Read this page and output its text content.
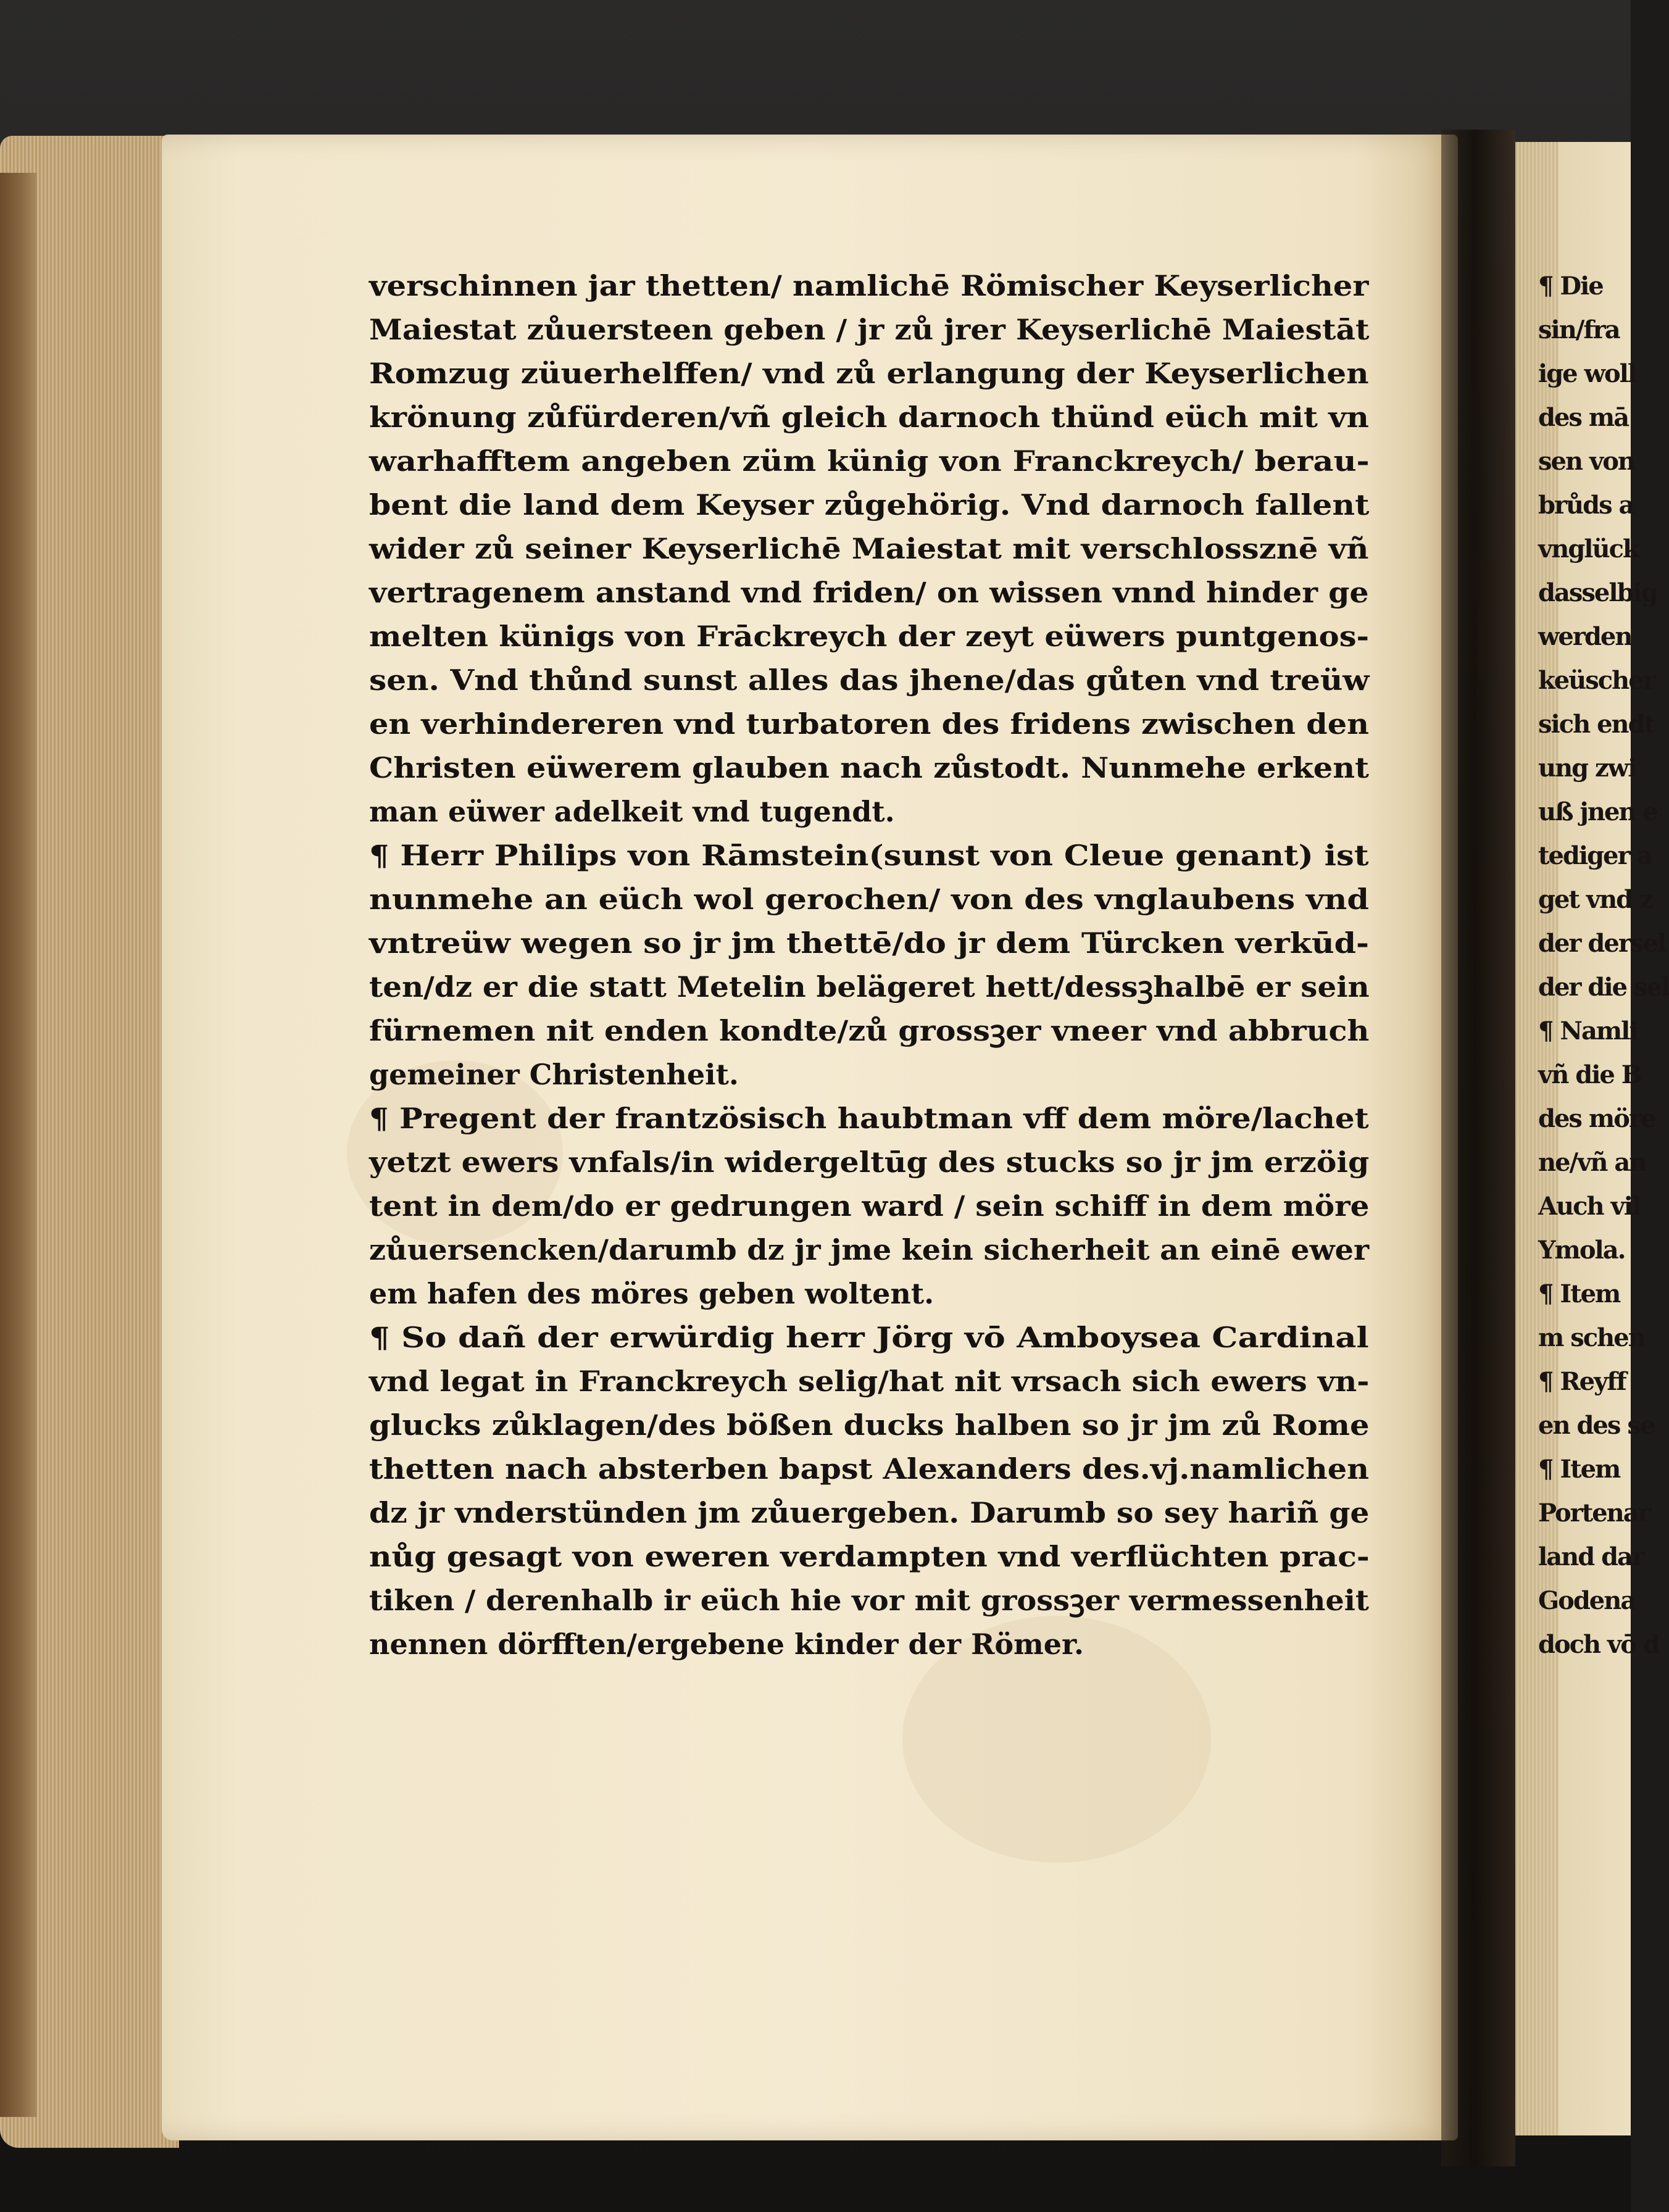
verschinnen jar thetten/ namlichē Römischer Keyserlicher
Maiestat zůuersteen geben / jr zů jrer Keyserlichē Maiestāt
Romzug züuerhelffen/ vnd zů erlangung der Keyserlichen
krönung zůfürderen/vñ gleich darnoch thünd eüch mit vn
warhafftem angeben züm künig von Franckreych/ berau-
bent die land dem Keyser zůgehörig. Vnd darnoch fallent
wider zů seiner Keyserlichē Maiestat mit verschlossznē vñ
vertragenem anstand vnd friden/ on wissen vnnd hinder ge
melten künigs von Frāckreych der zeyt eüwers puntgenos-
sen. Vnd thůnd sunst alles das jhene/das gůten vnd treüw
en verhindereren vnd turbatoren des fridens zwischen den
Christen eüwerem glauben nach zůstodt. Nunmehe erkent
man eüwer adelkeit vnd tugendt.
¶ Herr Philips von Rāmstein(sunst von Cleue genant) ist
nunmehe an eüch wol gerochen/ von des vnglaubens vnd
vntreüw wegen so jr jm thettē/do jr dem Türcken verkūd-
ten/dz er die statt Metelin belägeret hett/dessꝫhalbē er sein
fürnemen nit enden kondte/zů grossꝫer vneer vnd abbruch
gemeiner Christenheit.
¶ Pregent der frantzösisch haubtman vff dem möre/lachet
yetzt ewers vnfals/in widergeltūg des stucks so jr jm erzöig
tent in dem/do er gedrungen ward / sein schiff in dem möre
zůuersencken/darumb dz jr jme kein sicherheit an einē ewer
em hafen des möres geben woltent.
¶ So dañ der erwürdig herr Jörg vō Amboysea Cardinal
vnd legat in Franckreych selig/hat nit vrsach sich ewers vn-
glucks zůklagen/des bößen ducks halben so jr jm zů Rome
thetten nach absterben bapst Alexanders des.vj.namlichen
dz jr vnderstünden jm zůuergeben. Darumb so sey hariñ ge
nůg gesagt von eweren verdampten vnd verflüchten prac-
tiken / derenhalb ir eüch hie vor mit grossꝫer vermessenheit
nennen dörfften/ergebene kinder der Römer.
¶ Die
sin/fra
ige woll
des mā
sen von
brůds a
vnglück
dasselbig
werden
keüscher
sich endt
ung zwi
uß jnen e
tediger a
get vnd z
der dersel
der die sel
¶ Namli
vñ die B
des möre
ne/vñ an
Auch vil
Ymola.
¶ Item
m schen
¶ Reyff
en des se
¶ Item
Portenar
land dar
Godena
doch vō d
